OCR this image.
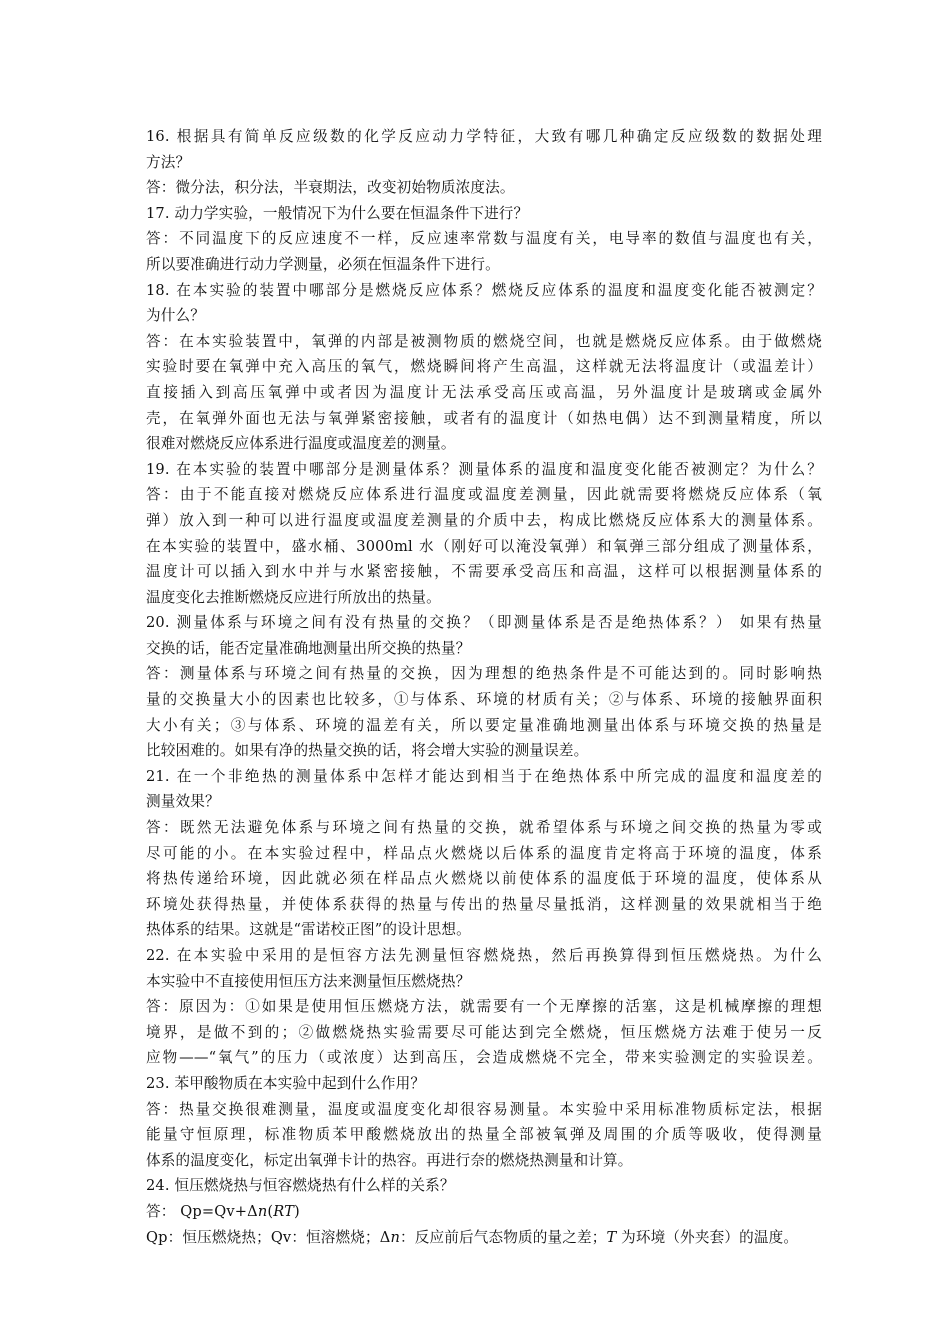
16. 根据具有简单反应级数的化学反应动力学特征，大致有哪几种确定反应级数的数据处理
方法？
答：微分法，积分法，半衰期法，改变初始物质浓度法。
17. 动力学实验，一般情况下为什么要在恒温条件下进行？
答：不同温度下的反应速度不一样，反应速率常数与温度有关，电导率的数值与温度也有关，
所以要准确进行动力学测量，必须在恒温条件下进行。
18. 在本实验的装置中哪部分是燃烧反应体系？燃烧反应体系的温度和温度变化能否被测定？
为什么？
答：在本实验装置中，氧弹的内部是被测物质的燃烧空间，也就是燃烧反应体系。由于做燃烧
实验时要在氧弹中充入高压的氧气，燃烧瞬间将产生高温，这样就无法将温度计（或温差计）
直接插入到高压氧弹中或者因为温度计无法承受高压或高温，另外温度计是玻璃或金属外
壳，在氧弹外面也无法与氧弹紧密接触，或者有的温度计（如热电偶）达不到测量精度，所以
很难对燃烧反应体系进行温度或温度差的测量。
19. 在本实验的装置中哪部分是测量体系？测量体系的温度和温度变化能否被测定？为什么？
答：由于不能直接对燃烧反应体系进行温度或温度差测量，因此就需要将燃烧反应体系（氧
弹）放入到一种可以进行温度或温度差测量的介质中去，构成比燃烧反应体系大的测量体系。
在本实验的装置中，盛水桶、3000ml 水（刚好可以淹没氧弹）和氧弹三部分组成了测量体系，
温度计可以插入到水中并与水紧密接触，不需要承受高压和高温，这样可以根据测量体系的
温度变化去推断燃烧反应进行所放出的热量。
20. 测量体系与环境之间有没有热量的交换？（即测量体系是否是绝热体系？） 如果有热量
交换的话，能否定量准确地测量出所交换的热量？
答：测量体系与环境之间有热量的交换，因为理想的绝热条件是不可能达到的。同时影响热
量的交换量大小的因素也比较多，①与体系、环境的材质有关；②与体系、环境的接触界面积
大小有关；③与体系、环境的温差有关，所以要定量准确地测量出体系与环境交换的热量是
比较困难的。如果有净的热量交换的话，将会增大实验的测量误差。
21. 在一个非绝热的测量体系中怎样才能达到相当于在绝热体系中所完成的温度和温度差的
测量效果？
答：既然无法避免体系与环境之间有热量的交换，就希望体系与环境之间交换的热量为零或
尽可能的小。在本实验过程中，样品点火燃烧以后体系的温度肯定将高于环境的温度，体系
将热传递给环境，因此就必须在样品点火燃烧以前使体系的温度低于环境的温度，使体系从
环境处获得热量，并使体系获得的热量与传出的热量尽量抵消，这样测量的效果就相当于绝
热体系的结果。这就是“雷诺校正图”的设计思想。
22. 在本实验中采用的是恒容方法先测量恒容燃烧热，然后再换算得到恒压燃烧热。为什么
本实验中不直接使用恒压方法来测量恒压燃烧热？
答：原因为：①如果是使用恒压燃烧方法，就需要有一个无摩擦的活塞，这是机械摩擦的理想
境界，是做不到的；②做燃烧热实验需要尽可能达到完全燃烧，恒压燃烧方法难于使另一反
应物——“氧气”的压力（或浓度）达到高压，会造成燃烧不完全，带来实验测定的实验误差。
23. 苯甲酸物质在本实验中起到什么作用？
答：热量交换很难测量，温度或温度变化却很容易测量。本实验中采用标准物质标定法，根据
能量守恒原理，标准物质苯甲酸燃烧放出的热量全部被氧弹及周围的介质等吸收，使得测量
体系的温度变化，标定出氧弹卡计的热容。再进行奈的燃烧热测量和计算。
24. 恒压燃烧热与恒容燃烧热有什么样的关系？
答： Qp=Qv+Δn(RT)
Qp：恒压燃烧热；Qv：恒溶燃烧；Δn：反应前后气态物质的量之差；T 为环境（外夹套）的温度。
